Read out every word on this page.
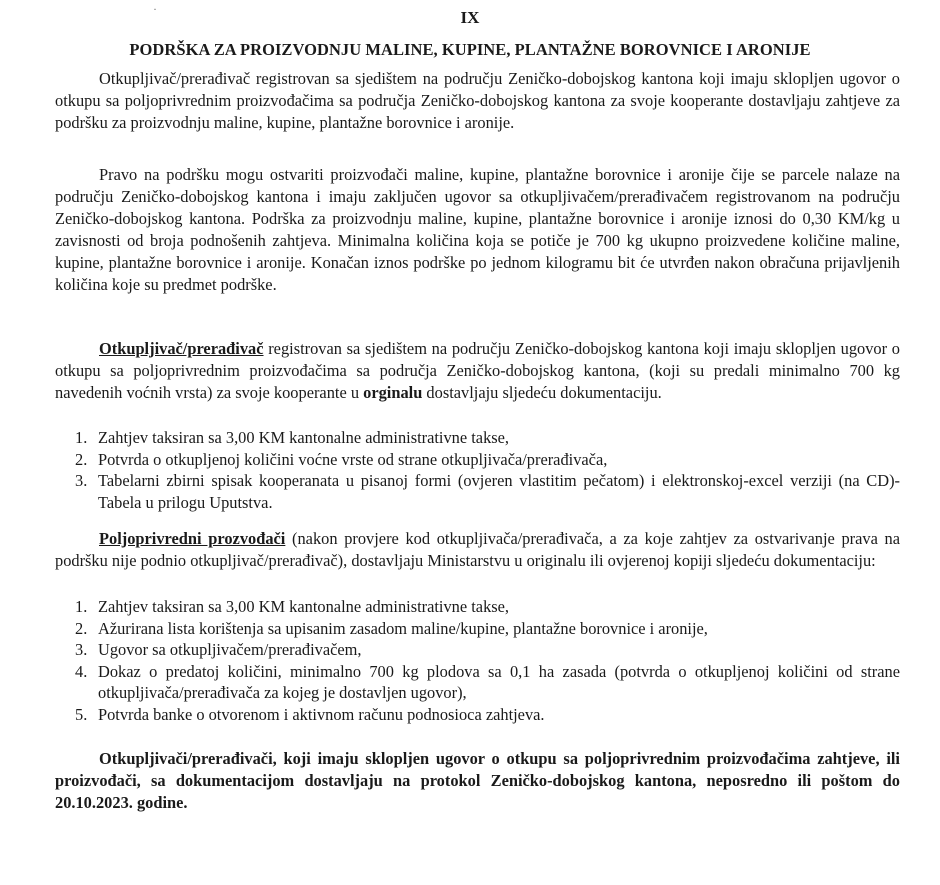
·	IX
PODRŠKA ZA PROIZVODNJU MALINE, KUPINE, PLANTAŽNE BOROVNICE I ARONIJE

Otkupljivač/prerađivač registrovan sa sjedištem na području Zeničko-dobojskog kantona koji imaju sklopljen ugovor o otkupu sa poljoprivrednim proizvođačima sa područja Zeničko-dobojskog kantona za svoje kooperante dostavljaju zahtjeve za podršku za proizvodnju maline, kupine, plantažne borovnice i aronije.

Pravo na podršku mogu ostvariti proizvođači maline, kupine, plantažne borovnice i aronije čije se parcele nalaze na području Zeničko-dobojskog kantona i imaju zaključen ugovor sa otkupljivačem/prerađivačem registrovanom na području Zeničko-dobojskog kantona. Podrška za proizvodnju maline, kupine, plantažne borovnice i aronije iznosi do 0,30 KM/kg u zavisnosti od broja podnošenih zahtjeva. Minimalna količina koja se potiče je 700 kg ukupno proizvedene količine maline, kupine, plantažne borovnice i aronije. Konačan iznos podrške po jednom kilogramu bit će utvrđen nakon obračuna prijavljenih količina koje su predmet podrške.

Otkupljivač/prerađivač registrovan sa sjedištem na području Zeničko-dobojskog kantona koji imaju sklopljen ugovor o otkupu sa poljoprivrednim proizvođačima sa područja Zeničko-dobojskog kantona, (koji su predali minimalno 700 kg navedenih voćnih vrsta) za svoje kooperante u orginalu dostavljaju sljedeću dokumentaciju.

1. Zahtjev taksiran sa 3,00 KM kantonalne administrativne takse,
2. Potvrda o otkupljenoj količini voćne vrste od strane otkupljivača/prerađivača,
3. Tabelarni zbirni spisak kooperanata u pisanoj formi (ovjeren vlastitim pečatom) i elektronskoj-excel verziji (na CD)-Tabela u prilogu Uputstva.

Poljoprivredni prozvođači (nakon provjere kod otkupljivača/prerađivača, a za koje zahtjev za ostvarivanje prava na podršku nije podnio otkupljivač/prerađivač), dostavljaju Ministarstvu u originalu ili ovjerenoj kopiji sljedeću dokumentaciju:

1. Zahtjev taksiran sa 3,00 KM kantonalne administrativne takse,
2. Ažurirana lista korištenja sa upisanim zasadom maline/kupine, plantažne borovnice i aronije,
3. Ugovor sa otkupljivačem/prerađivačem,
4. Dokaz o predatoj količini, minimalno 700 kg plodova sa 0,1 ha zasada (potvrda o otkupljenoj količini od strane otkupljivača/prerađivača za kojeg je dostavljen ugovor),
5. Potvrda banke o otvorenom i aktivnom računu podnosioca zahtjeva.

Otkupljivači/prerađivači, koji imaju sklopljen ugovor o otkupu sa poljoprivrednim proizvođačima zahtjeve, ili proizvođači, sa dokumentacijom dostavljaju na protokol Zeničko-dobojskog kantona, neposredno ili poštom do 20.10.2023. godine.
